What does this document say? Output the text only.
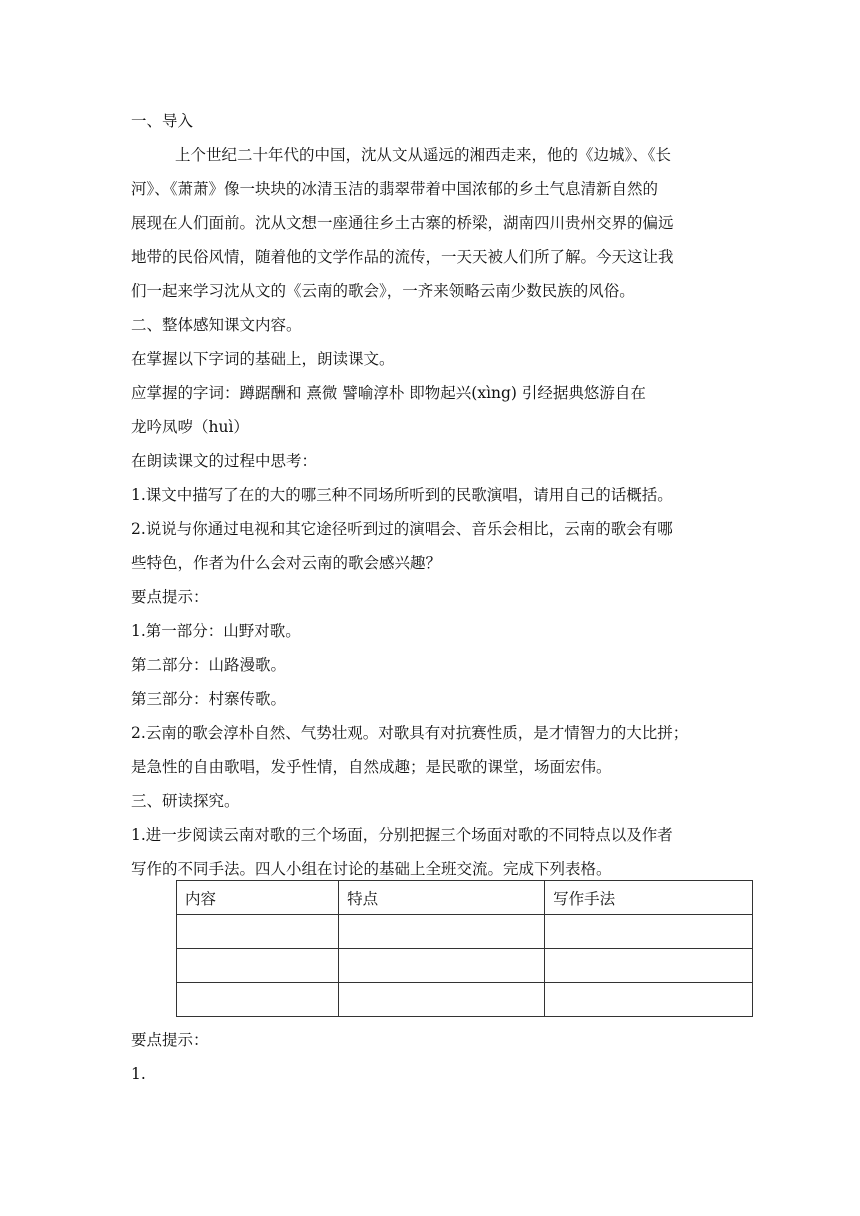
一、导入
上个世纪二十年代的中国，沈从文从遥远的湘西走来，他的《边城》、《长
河》、《萧萧》像一块块的冰清玉洁的翡翠带着中国浓郁的乡土气息清新自然的
展现在人们面前。沈从文想一座通往乡土古寨的桥梁，湖南四川贵州交界的偏远
地带的民俗风情，随着他的文学作品的流传，一天天被人们所了解。今天这让我
们一起来学习沈从文的《云南的歌会》，一齐来领略云南少数民族的风俗。
二、整体感知课文内容。
在掌握以下字词的基础上，朗读课文。
应掌握的字词：蹲踞酬和 熹微 譬喻淳朴 即物起兴(xìng) 引经据典悠游自在
龙吟凤哕（huì）
在朗读课文的过程中思考：
1.课文中描写了在的大的哪三种不同场所听到的民歌演唱，请用自己的话概括。
2.说说与你通过电视和其它途径听到过的演唱会、音乐会相比，云南的歌会有哪
些特色，作者为什么会对云南的歌会感兴趣？
要点提示：
1.第一部分：山野对歌。
第二部分：山路漫歌。
第三部分：村寨传歌。
2.云南的歌会淳朴自然、气势壮观。对歌具有对抗赛性质，是才情智力的大比拼；
是急性的自由歌唱，发乎性情，自然成趣；是民歌的课堂，场面宏伟。
三、研读探究。
1.进一步阅读云南对歌的三个场面，分别把握三个场面对歌的不同特点以及作者
写作的不同手法。四人小组在讨论的基础上全班交流。完成下列表格。
内容	特点	写作手法

要点提示：
1.
